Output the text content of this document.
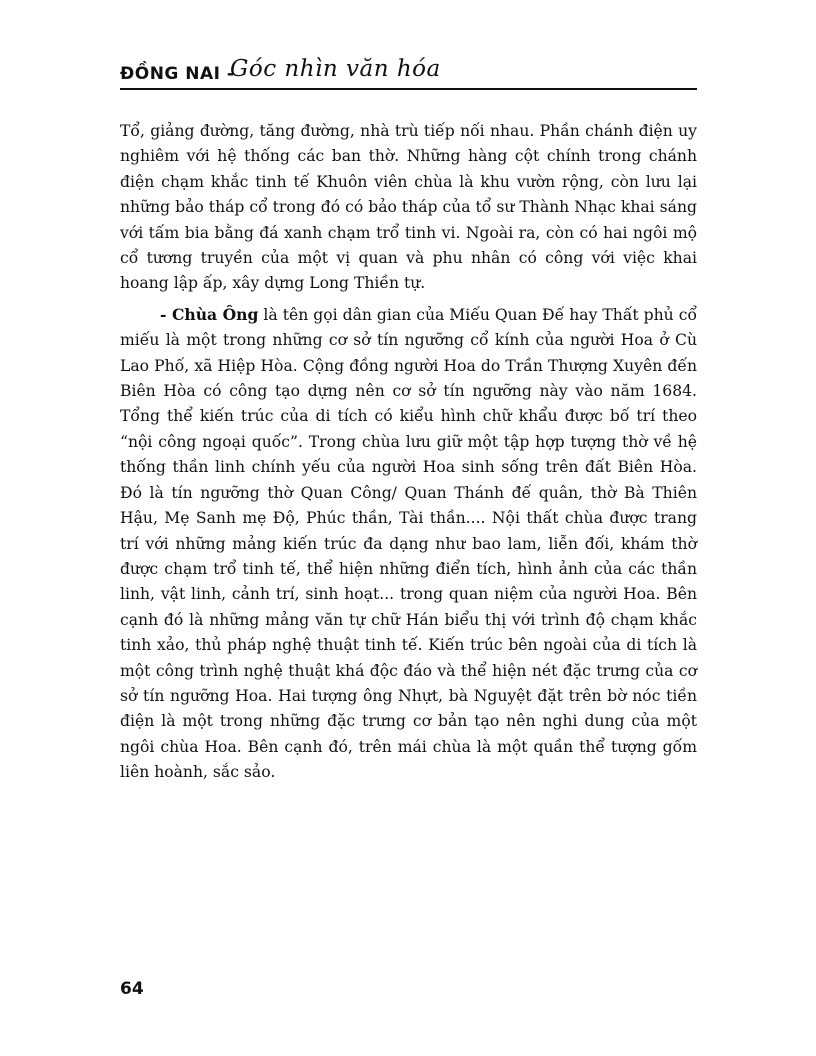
ĐỒNG NAI -
Góc nhìn văn hóa

Tổ, giảng đường, tăng đường, nhà trù tiếp nối nhau. Phần chánh điện uy nghiêm với hệ thống các ban thờ. Những hàng cột chính trong chánh điện chạm khắc tinh tế Khuôn viên chùa là khu vườn rộng, còn lưu lại những bảo tháp cổ trong đó có bảo tháp của tổ sư Thành Nhạc khai sáng với tấm bia bằng đá xanh chạm trổ tinh vi. Ngoài ra, còn có hai ngôi mộ cổ tương truyền của một vị quan và phu nhân có công với việc khai hoang lập ấp, xây dựng Long Thiền tự.

- Chùa Ông là tên gọi dân gian của Miếu Quan Đế hay Thất phủ cổ miếu là một trong những cơ sở tín ngưỡng cổ kính của người Hoa ở Cù Lao Phố, xã Hiệp Hòa. Cộng đồng người Hoa do Trần Thượng Xuyên đến Biên Hòa có công tạo dựng nên cơ sở tín ngưỡng này vào năm 1684. Tổng thể kiến trúc của di tích có kiểu hình chữ khẩu được bố trí theo “nội công ngoại quốc”. Trong chùa lưu giữ một tập hợp tượng thờ về hệ thống thần linh chính yếu của người Hoa sinh sống trên đất Biên Hòa. Đó là tín ngưỡng thờ Quan Công/ Quan Thánh đế quân, thờ Bà Thiên Hậu, Mẹ Sanh mẹ Độ, Phúc thần, Tài thần.... Nội thất chùa được trang trí với những mảng kiến trúc đa dạng như bao lam, liễn đối, khám thờ được chạm trổ tinh tế, thể hiện những điển tích, hình ảnh của các thần linh, vật linh, cảnh trí, sinh hoạt... trong quan niệm của người Hoa. Bên cạnh đó là những mảng văn tự chữ Hán biểu thị với trình độ chạm khắc tinh xảo, thủ pháp nghệ thuật tinh tế. Kiến trúc bên ngoài của di tích là một công trình nghệ thuật khá độc đáo và thể hiện nét đặc trưng của cơ sở tín ngưỡng Hoa. Hai tượng ông Nhựt, bà Nguyệt đặt trên bờ nóc tiền điện là một trong những đặc trưng cơ bản tạo nên nghi dung của một ngôi chùa Hoa. Bên cạnh đó, trên mái chùa là một quần thể tượng gốm liên hoành, sắc sảo.

64
